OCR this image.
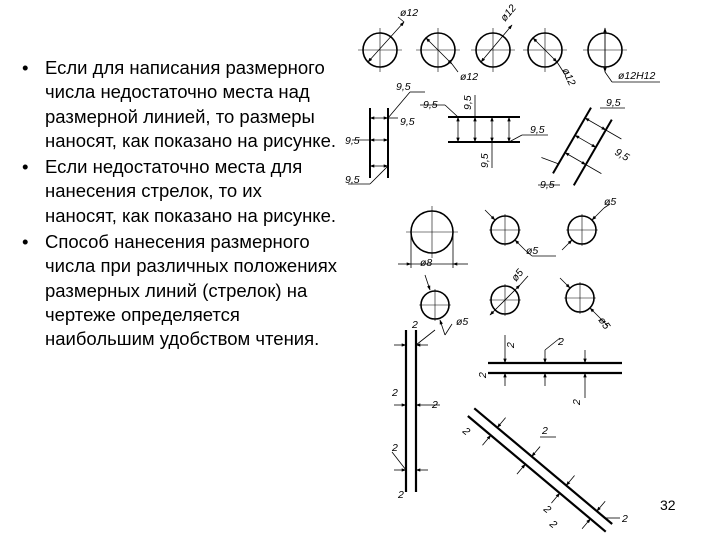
• Если для написания размерного числа недостаточно места над размерной линией, то размеры наносят, как показано на рисунке.
• Если недостаточно места для нанесения стрелок, то их наносят, как показано на рисунке.
• Способ нанесения размерного числа при различных положениях размерных линий (стрелок) на чертеже определяется наибольшим удобством чтения.
ø12
ø12
ø12
ø12	ø12H12
9,5
9,5
9,5
9,5
9,5 9,5
9,5
9,5
9,5
9,5
9,5
ø8
ø5
ø5
ø5
ø5
ø5
2
2
2
2
2
2
2
2
2
2	2
2
2	2
32
